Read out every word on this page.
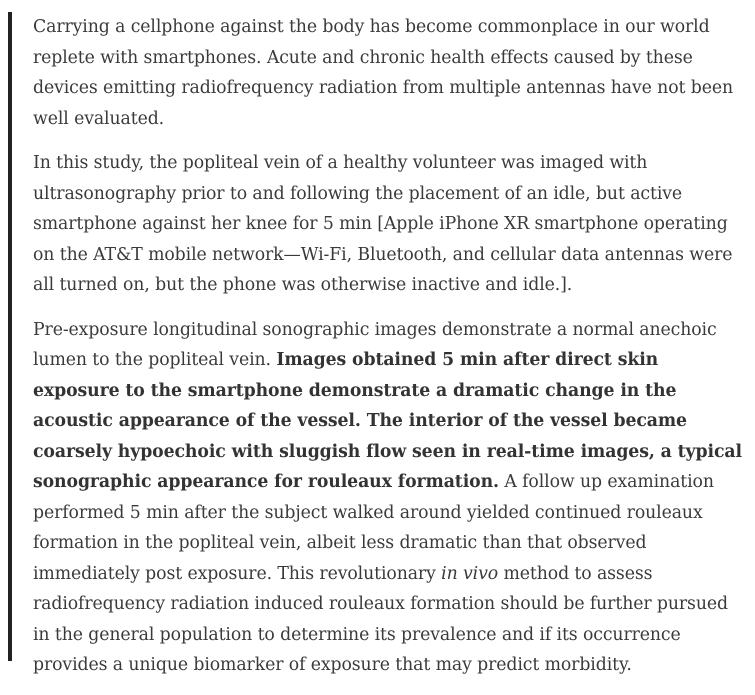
Carrying a cellphone against the body has become commonplace in our world replete with smartphones. Acute and chronic health effects caused by these devices emitting radiofrequency radiation from multiple antennas have not been well evaluated.

In this study, the popliteal vein of a healthy volunteer was imaged with ultrasonography prior to and following the placement of an idle, but active smartphone against her knee for 5 min [Apple iPhone XR smartphone operating on the AT&T mobile network—Wi-Fi, Bluetooth, and cellular data antennas were all turned on, but the phone was otherwise inactive and idle.].

Pre-exposure longitudinal sonographic images demonstrate a normal anechoic lumen to the popliteal vein. Images obtained 5 min after direct skin exposure to the smartphone demonstrate a dramatic change in the acoustic appearance of the vessel. The interior of the vessel became coarsely hypoechoic with sluggish flow seen in real-time images, a typical sonographic appearance for rouleaux formation. A follow up examination performed 5 min after the subject walked around yielded continued rouleaux formation in the popliteal vein, albeit less dramatic than that observed immediately post exposure. This revolutionary in vivo method to assess radiofrequency radiation induced rouleaux formation should be further pursued in the general population to determine its prevalence and if its occurrence provides a unique biomarker of exposure that may predict morbidity.
